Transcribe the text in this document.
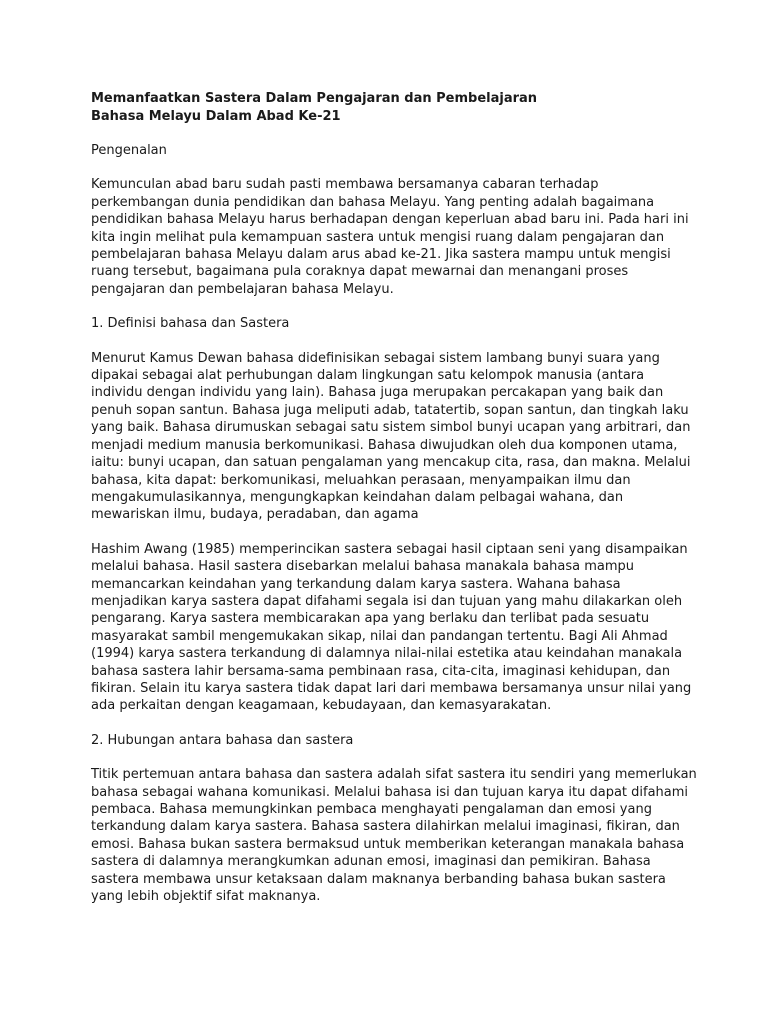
Memanfaatkan Sastera Dalam Pengajaran dan Pembelajaran
Bahasa Melayu Dalam Abad Ke-21
Pengenalan
Kemunculan abad baru sudah pasti membawa bersamanya cabaran terhadap
perkembangan dunia pendidikan dan bahasa Melayu. Yang penting adalah bagaimana
pendidikan bahasa Melayu harus berhadapan dengan keperluan abad baru ini. Pada hari ini
kita ingin melihat pula kemampuan sastera untuk mengisi ruang dalam pengajaran dan
pembelajaran bahasa Melayu dalam arus abad ke-21. Jika sastera mampu untuk mengisi
ruang tersebut, bagaimana pula coraknya dapat mewarnai dan menangani proses
pengajaran dan pembelajaran bahasa Melayu.
1. Definisi bahasa dan Sastera
Menurut Kamus Dewan bahasa didefinisikan sebagai sistem lambang bunyi suara yang
dipakai sebagai alat perhubungan dalam lingkungan satu kelompok manusia (antara
individu dengan individu yang lain). Bahasa juga merupakan percakapan yang baik dan
penuh sopan santun. Bahasa juga meliputi adab, tatatertib, sopan santun, dan tingkah laku
yang baik. Bahasa dirumuskan sebagai satu sistem simbol bunyi ucapan yang arbitrari, dan
menjadi medium manusia berkomunikasi. Bahasa diwujudkan oleh dua komponen utama,
iaitu: bunyi ucapan, dan satuan pengalaman yang mencakup cita, rasa, dan makna. Melalui
bahasa, kita dapat: berkomunikasi, meluahkan perasaan, menyampaikan ilmu dan
mengakumulasikannya, mengungkapkan keindahan dalam pelbagai wahana, dan
mewariskan ilmu, budaya, peradaban, dan agama
Hashim Awang (1985) memperincikan sastera sebagai hasil ciptaan seni yang disampaikan
melalui bahasa. Hasil sastera disebarkan melalui bahasa manakala bahasa mampu
memancarkan keindahan yang terkandung dalam karya sastera. Wahana bahasa
menjadikan karya sastera dapat difahami segala isi dan tujuan yang mahu dilakarkan oleh
pengarang. Karya sastera membicarakan apa yang berlaku dan terlibat pada sesuatu
masyarakat sambil mengemukakan sikap, nilai dan pandangan tertentu. Bagi Ali Ahmad
(1994) karya sastera terkandung di dalamnya nilai-nilai estetika atau keindahan manakala
bahasa sastera lahir bersama-sama pembinaan rasa, cita-cita, imaginasi kehidupan, dan
fikiran. Selain itu karya sastera tidak dapat lari dari membawa bersamanya unsur nilai yang
ada perkaitan dengan keagamaan, kebudayaan, dan kemasyarakatan.
2. Hubungan antara bahasa dan sastera
Titik pertemuan antara bahasa dan sastera adalah sifat sastera itu sendiri yang memerlukan
bahasa sebagai wahana komunikasi. Melalui bahasa isi dan tujuan karya itu dapat difahami
pembaca. Bahasa memungkinkan pembaca menghayati pengalaman dan emosi yang
terkandung dalam karya sastera. Bahasa sastera dilahirkan melalui imaginasi, fikiran, dan
emosi. Bahasa bukan sastera bermaksud untuk memberikan keterangan manakala bahasa
sastera di dalamnya merangkumkan adunan emosi, imaginasi dan pemikiran. Bahasa
sastera membawa unsur ketaksaan dalam maknanya berbanding bahasa bukan sastera
yang lebih objektif sifat maknanya.
